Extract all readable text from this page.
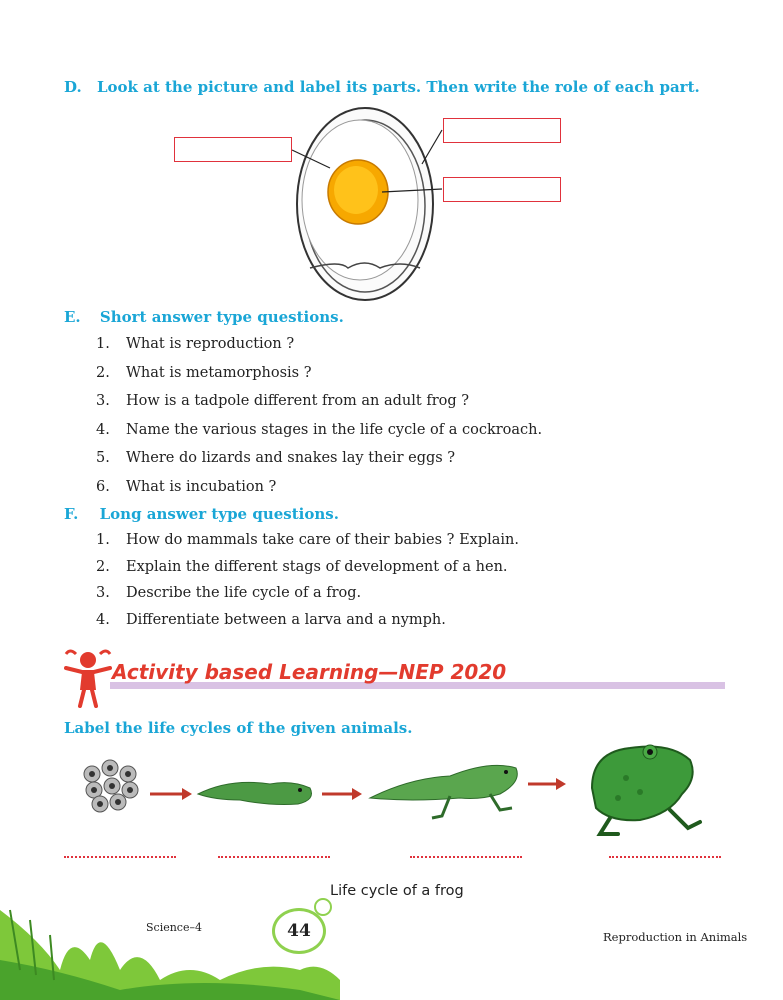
D. Look at the picture and label its parts. Then write the role of each part.
E. Short answer type questions.
1. What is reproduction ?
2. What is metamorphosis ?
3. How is a tadpole different from an adult frog ?
4. Name the various stages in the life cycle of a cockroach.
5. Where do lizards and snakes lay their eggs ?
6. What is incubation ?
F. Long answer type questions.
1. How do mammals take care of their babies ? Explain.
2. Explain the different stags of development of a hen.
3. Describe the life cycle of a frog.
4. Differentiate between a larva and a nymph.
Activity based Learning—NEP 2020
Label the life cycles of the given animals.
Life cycle of a frog
Science–4	44	Reproduction in Animals
